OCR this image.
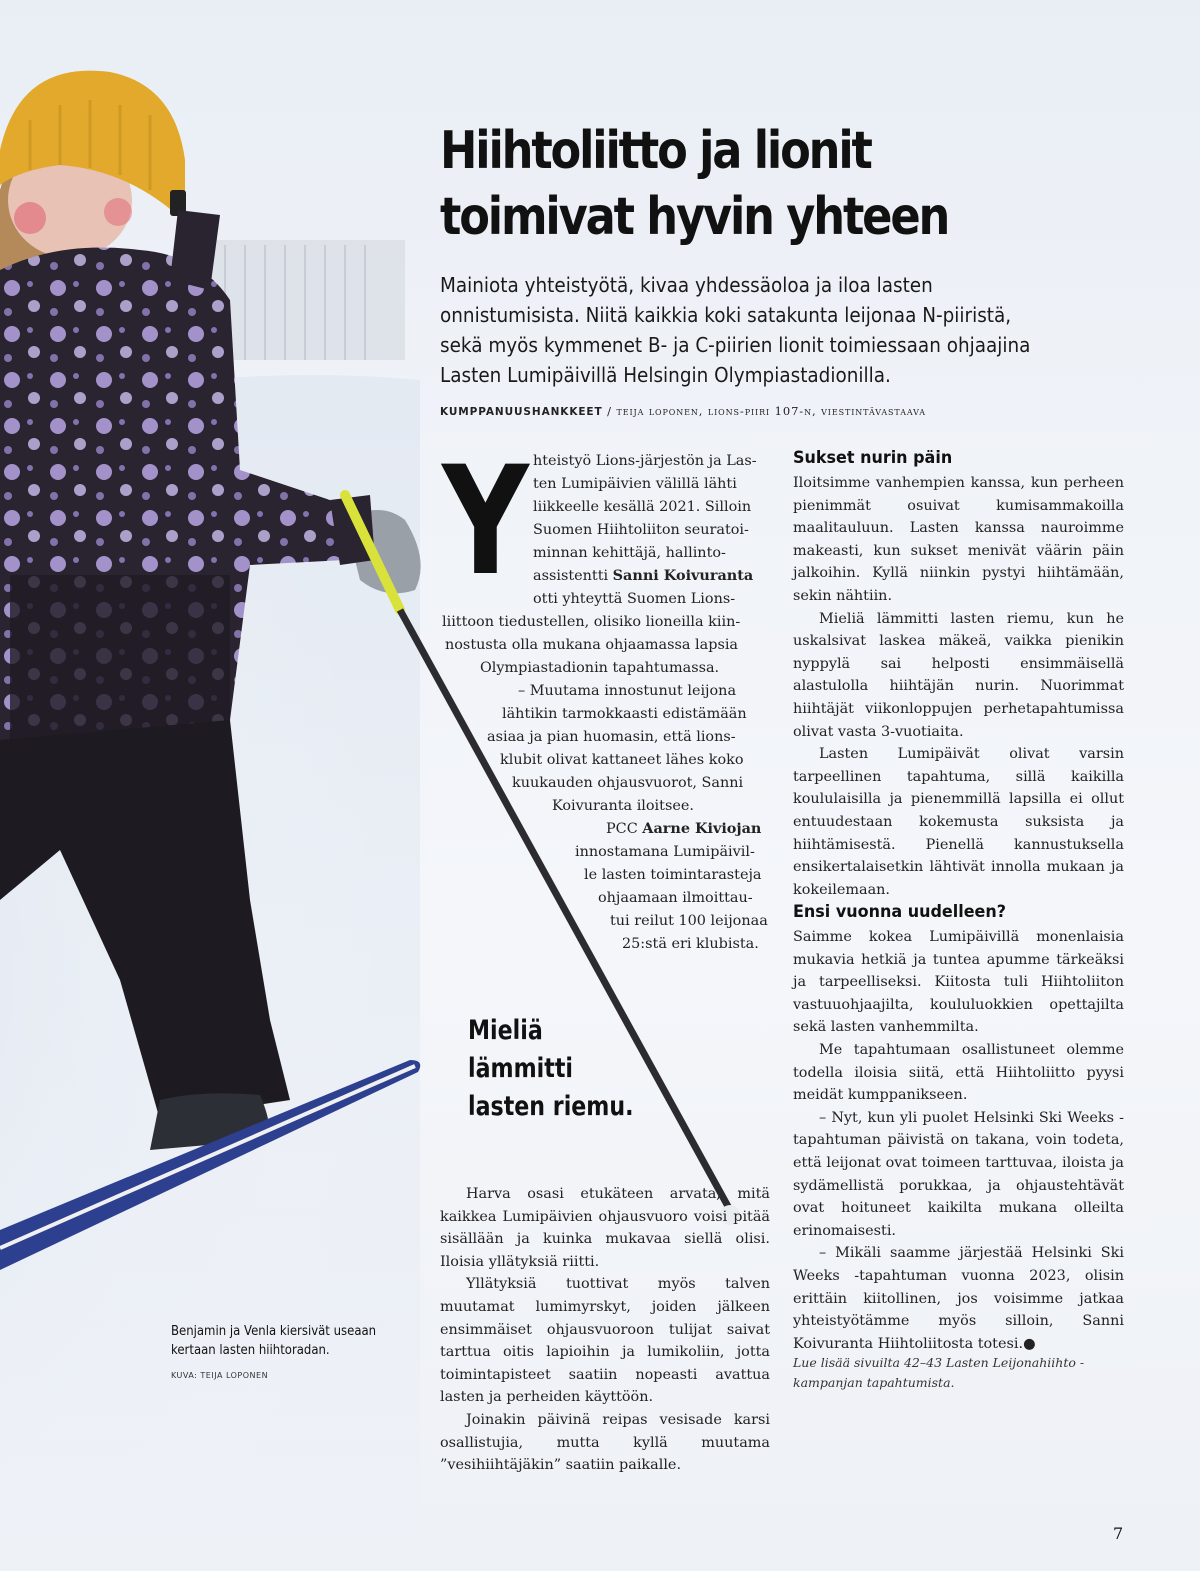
Hiihtoliitto ja lionit
toimivat hyvin yhteen

Mainiota yhteistyötä, kivaa yhdessäoloa ja iloa lasten onnistumisista. Niitä kaikkia koki satakunta leijonaa N-piiristä, sekä myös kymmenet B- ja C-piirien lionit toimiessaan ohjaajina Lasten Lumipäivillä Helsingin Olympiastadionilla.

KUMPPANUUSHANKKEET / teija loponen, lions-piiri 107-n, viestintävastaava
Y hteistyö Lions-järjestön ja Las-
ten Lumipäivien välillä lähti
liikkeelle kesällä 2021. Silloin
Suomen Hiihtoliiton seuratoi-
minnan kehittäjä, hallinto-
assistentti Sanni Koivuranta
otti yhteyttä Suomen Lions-
liittoon tiedustellen, olisiko lioneilla kiin-
nostusta olla mukana ohjaamassa lapsia
Olympiastadionin tapahtumassa.
– Muutama innostunut leijona
lähtikin tarmokkaasti edistämään
asiaa ja pian huomasin, että lions-
klubit olivat kattaneet lähes koko
kuukauden ohjausvuorot, Sanni
Koivuranta iloitsee.
PCC Aarne Kiviojan
innostamana Lumipäivil-
le lasten toimintarasteja
ohjaamaan ilmoittau-
tui reilut 100 leijonaa
25:stä eri klubista.

Mieliä lämmitti lasten riemu.

Harva osasi etukäteen arvata, mitä kaikkea Lumipäivien ohjausvuoro voisi pitää sisällään ja kuinka mukavaa siellä olisi. Iloisia yllätyksiä riitti.

Yllätyksiä tuottivat myös talven muutamat lumimyrskyt, joiden jälkeen ensimmäiset ohjausvuoroon tulijat saivat tarttua oitis lapioihin ja lumikoliin, jotta toimintapisteet saatiin nopeasti avattua lasten ja perheiden käyttöön.

Joinakin päivinä reipas vesisade karsi osallistujia, mutta kyllä muutama ”vesihiihtäjäkin” saatiin paikalle.

Sukset nurin päin

Iloitsimme vanhempien kanssa, kun perheen pienimmät osuivat kumisammakoilla maalitauluun. Lasten kanssa nauroimme makeasti, kun sukset menivät väärin päin jalkoihin. Kyllä niinkin pystyi hiihtämään, sekin nähtiin.

Mieliä lämmitti lasten riemu, kun he uskalsivat laskea mäkeä, vaikka pienikin nyppylä sai helposti ensimmäisellä alastulolla hiihtäjän nurin. Nuorimmat hiihtäjät viikonloppujen perhetapahtumissa olivat vasta 3-vuotiaita.

Lasten Lumipäivät olivat varsin tarpeellinen tapahtuma, sillä kaikilla koululaisilla ja pienemmillä lapsilla ei ollut entuudestaan kokemusta suksista ja hiihtämisestä. Pienellä kannustuksella ensikertalaisetkin lähtivät innolla mukaan ja kokeilemaan.

Ensi vuonna uudelleen?

Saimme kokea Lumipäivillä monenlaisia mukavia hetkiä ja tuntea apumme tärkeäksi ja tarpeelliseksi. Kiitosta tuli Hiihtoliiton vastuuohjaajilta, koululuokkien opettajilta sekä lasten vanhemmilta.

Me tapahtumaan osallistuneet olemme todella iloisia siitä, että Hiihtoliitto pyysi meidät kumppanikseen.

– Nyt, kun yli puolet Helsinki Ski Weeks -tapahtuman päivistä on takana, voin todeta, että leijonat ovat toimeen tarttuvaa, iloista ja sydämellistä porukkaa, ja ohjaustehtävät ovat hoituneet kaikilta mukana olleilta erinomaisesti.

– Mikäli saamme järjestää Helsinki Ski Weeks -tapahtuman vuonna 2023, olisin erittäin kiitollinen, jos voisimme jatkaa yhteistyötämme myös silloin, Sanni Koivuranta Hiihtoliitosta totesi.●

Lue lisää sivuilta 42–43 Lasten Leijonahiihto -kampanjan tapahtumista.

Benjamin ja Venla kiersivät useaan kertaan lasten hiihtoradan.

KUVA: TEIJA LOPONEN
7
